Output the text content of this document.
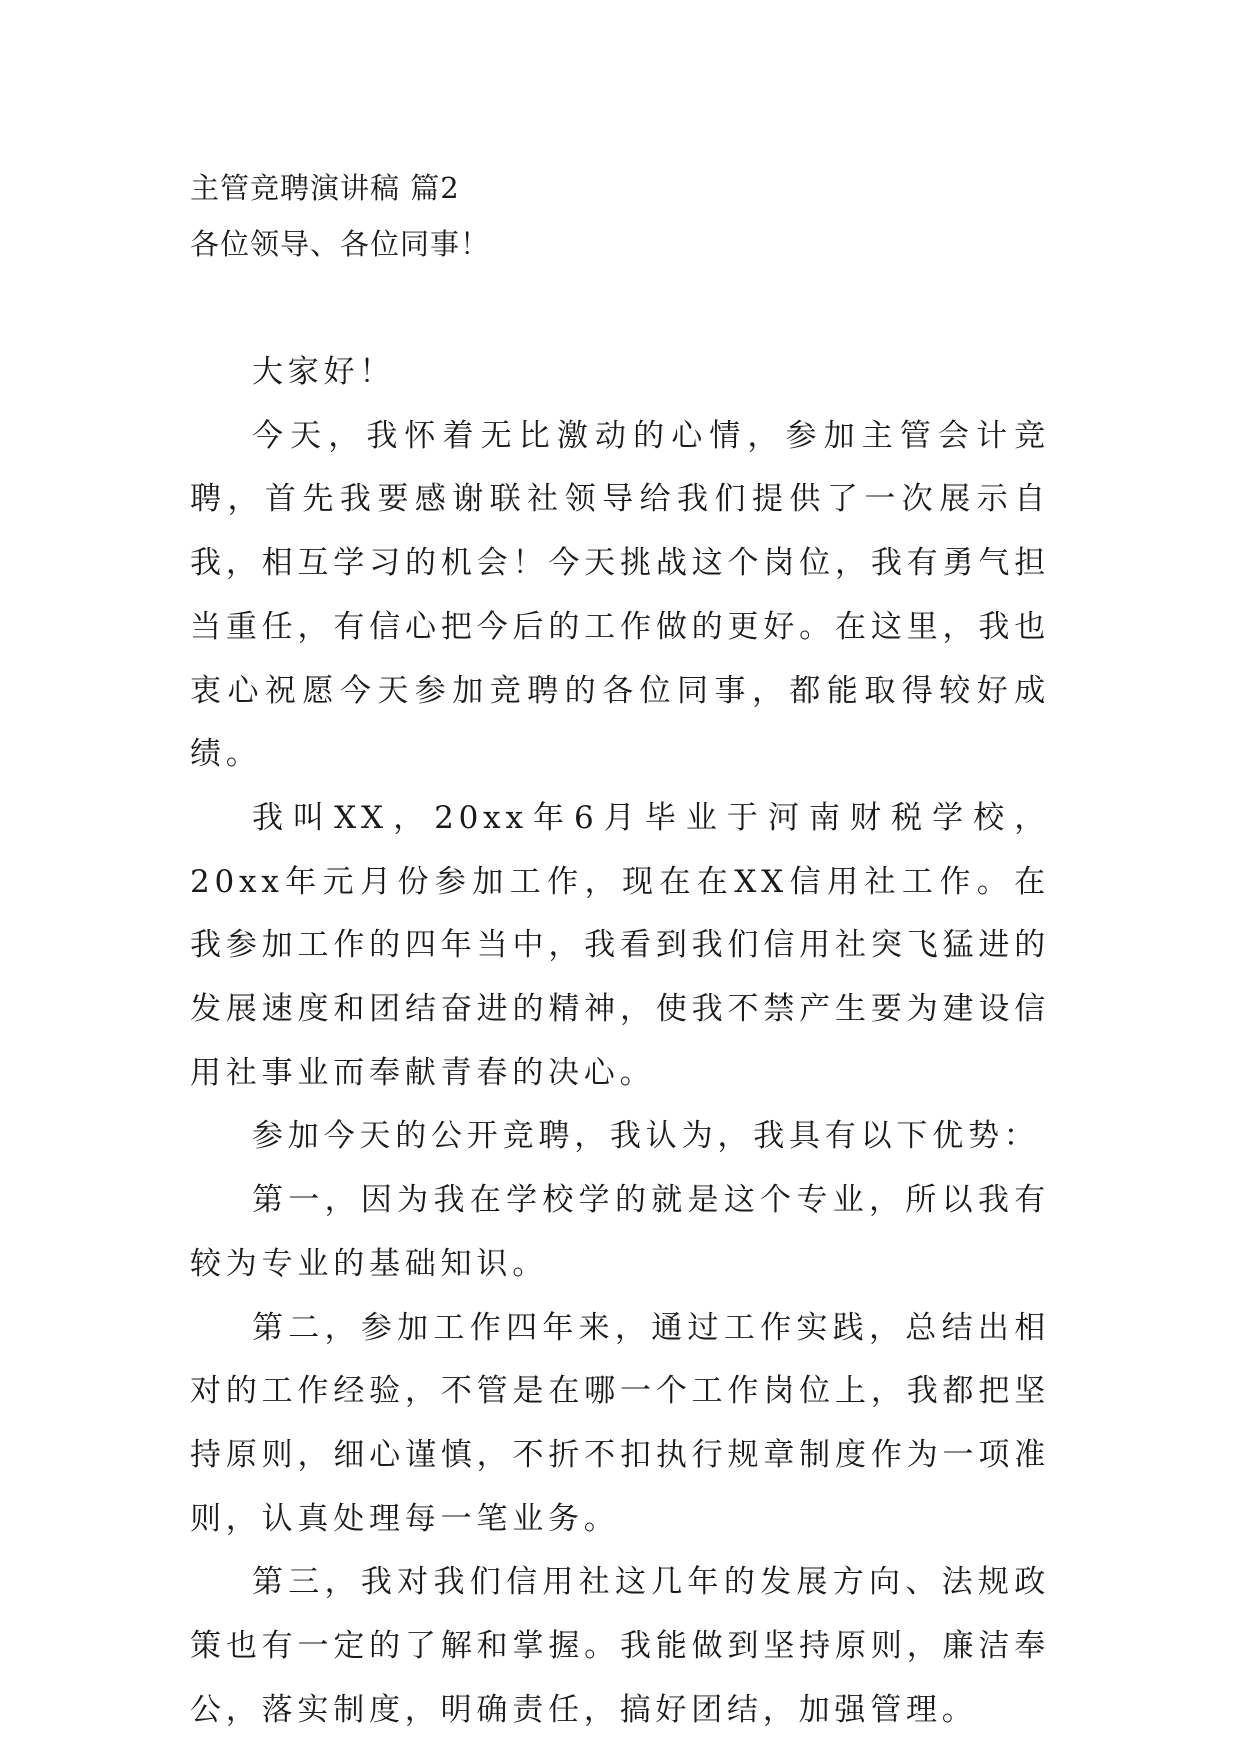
主管竞聘演讲稿 篇2
各位领导、各位同事！

大家好！

今天，我怀着无比激动的心情，参加主管会计竞聘，首先我要感谢联社领导给我们提供了一次展示自我，相互学习的机会！今天挑战这个岗位，我有勇气担当重任，有信心把今后的工作做的更好。在这里，我也衷心祝愿今天参加竞聘的各位同事，都能取得较好成绩。

我叫XX，20xx年6月毕业于河南财税学校，20xx年元月份参加工作，现在在XX信用社工作。在我参加工作的四年当中，我看到我们信用社突飞猛进的发展速度和团结奋进的精神，使我不禁产生要为建设信用社事业而奉献青春的决心。

参加今天的公开竞聘，我认为，我具有以下优势：

第一，因为我在学校学的就是这个专业，所以我有较为专业的基础知识。

第二，参加工作四年来，通过工作实践，总结出相对的工作经验，不管是在哪一个工作岗位上，我都把坚持原则，细心谨慎，不折不扣执行规章制度作为一项准则，认真处理每一笔业务。

第三，我对我们信用社这几年的发展方向、法规政策也有一定的了解和掌握。我能做到坚持原则，廉洁奉公，落实制度，明确责任，搞好团结，加强管理。
